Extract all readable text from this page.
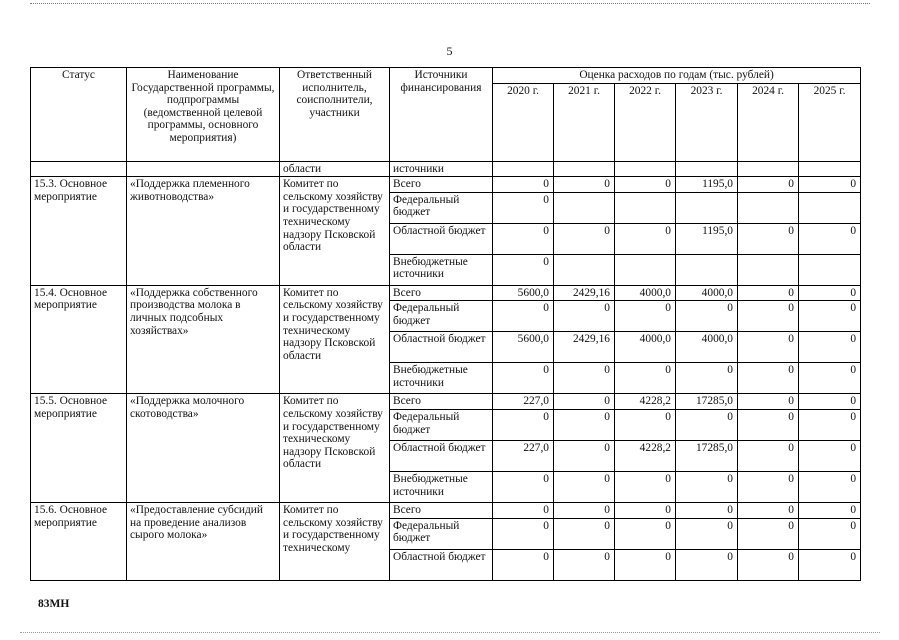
5
Статус	Наименование Государственной программы, подпрограммы (ведомственной целевой программы, основного мероприятия)	Ответственный исполнитель, соисполнители, участники	Источники финансирования	Оценка расходов по годам (тыс. рублей)					
				2020 г.	2021 г.	2022 г.	2023 г.	2024 г.	2025 г.
		области	источники						
15.3. Основное мероприятие	«Поддержка племенного животноводства»	Комитет по сельскому хозяйству и государственному техническому надзору Псковской области	Всего	0	0	0	1195,0	0	0
			Федеральный бюджет	0					
			Областной бюджет	0	0	0	1195,0	0	0
			Внебюджетные источники	0					
15.4. Основное мероприятие	«Поддержка собственного производства молока в личных подсобных хозяйствах»	Комитет по сельскому хозяйству и государственному техническому надзору Псковской области	Всего	5600,0	2429,16	4000,0	4000,0	0	0
			Федеральный бюджет	0	0	0	0	0	0
			Областной бюджет	5600,0	2429,16	4000,0	4000,0	0	0
			Внебюджетные источники	0	0	0	0	0	0
15.5. Основное мероприятие	«Поддержка молочного скотоводства»	Комитет по сельскому хозяйству и государственному техническому надзору Псковской области	Всего	227,0	0	4228,2	17285,0	0	0
			Федеральный бюджет	0	0	0	0	0	0
			Областной бюджет	227,0	0	4228,2	17285,0	0	0
			Внебюджетные источники	0	0	0	0	0	0
15.6. Основное мероприятие	«Предоставление субсидий на проведение анализов сырого молока»	Комитет по сельскому хозяйству и государственному техническому	Всего	0	0	0	0	0	0
			Федеральный бюджет	0	0	0	0	0	0
			Областной бюджет	0	0	0	0	0	0
83МН
